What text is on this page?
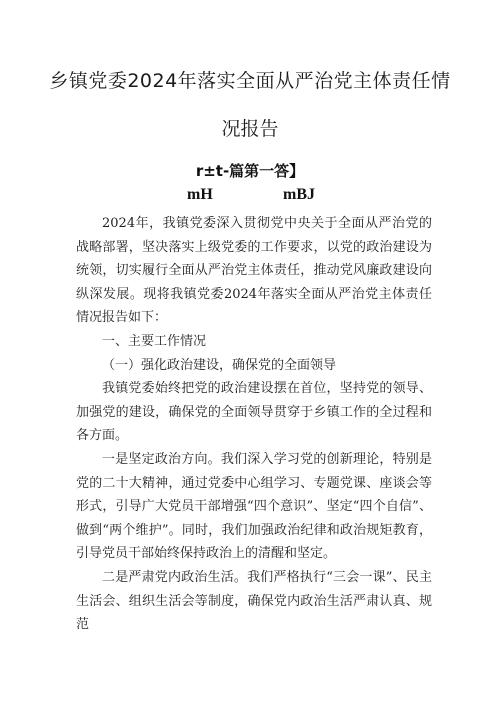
乡镇党委2024年落实全面从严治党主体责任情
况报告
r±t-篇第一答】
mH	mBJ

2024年，我镇党委深入贯彻党中央关于全面从严治党的战略部署，坚决落实上级党委的工作要求，以党的政治建设为统领，切实履行全面从严治党主体责任，推动党风廉政建设向纵深发展。现将我镇党委2024年落实全面从严治党主体责任情况报告如下：

一、主要工作情况

（一）强化政治建设，确保党的全面领导

我镇党委始终把党的政治建设摆在首位，坚持党的领导、加强党的建设，确保党的全面领导贯穿于乡镇工作的全过程和各方面。

一是坚定政治方向。我们深入学习党的创新理论，特别是党的二十大精神，通过党委中心组学习、专题党课、座谈会等形式，引导广大党员干部增强“四个意识”、坚定“四个自信”、做到“两个维护”。同时，我们加强政治纪律和政治规矩教育，引导党员干部始终保持政治上的清醒和坚定。

二是严肃党内政治生活。我们严格执行“三会一课”、民主生活会、组织生活会等制度，确保党内政治生活严肃认真、规范
